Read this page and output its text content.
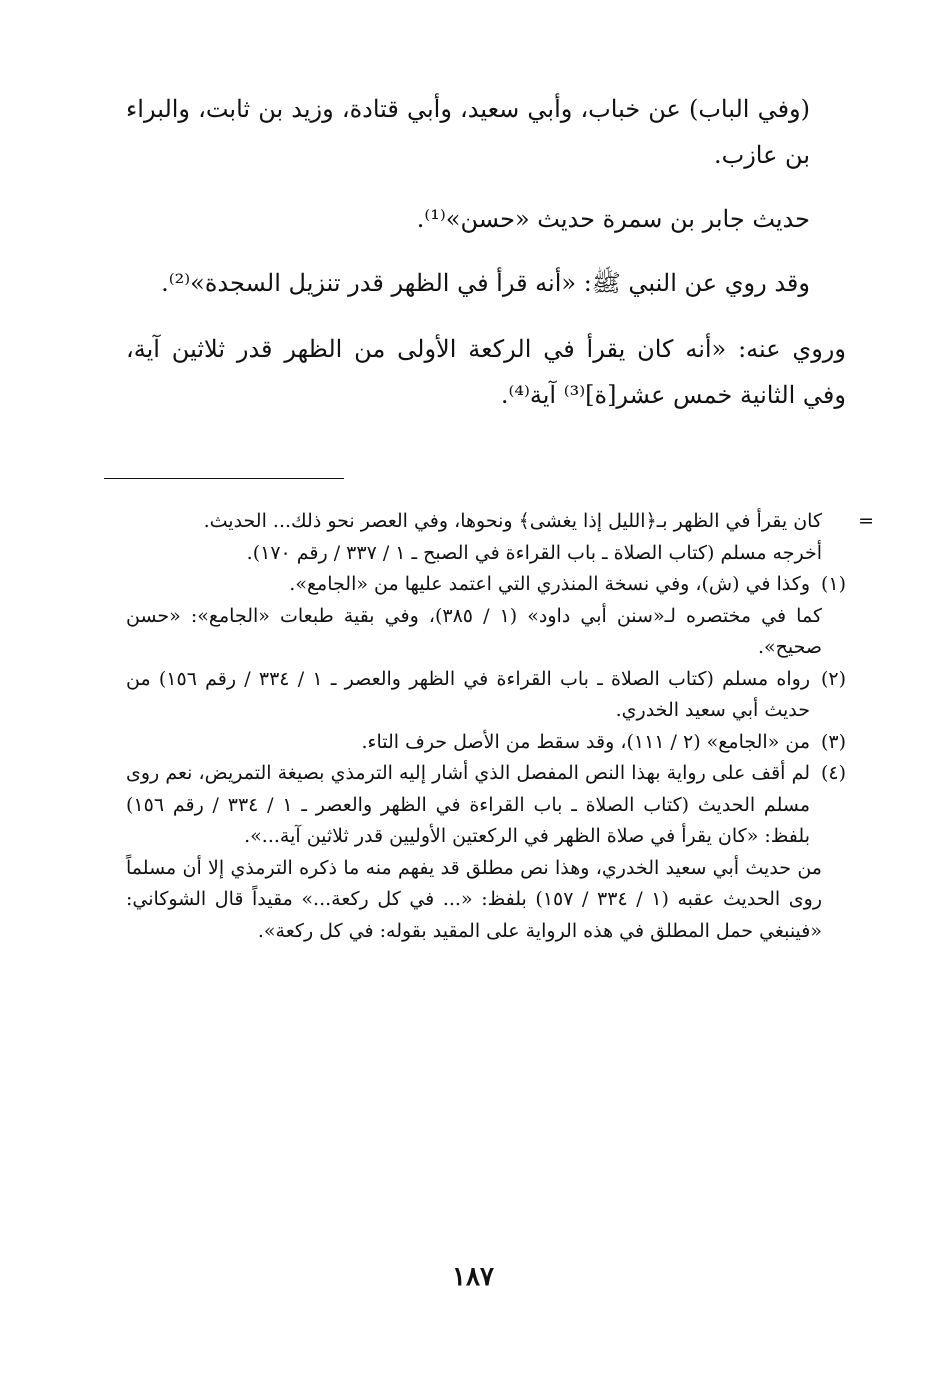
(وفي الباب) عن خباب، وأبي سعيد، وأبي قتادة، وزيد بن ثابت، والبراء بن عازب.

حديث جابر بن سمرة حديث «حسن»⁽¹⁾.

وقد روي عن النبي ﷺ: «أنه قرأ في الظهر قدر تنزيل السجدة»⁽²⁾.

وروي عنه: «أنه كان يقرأ في الركعة الأولى من الظهر قدر ثلاثين آية، وفي الثانية خمس عشر[ة]⁽³⁾ آية⁽⁴⁾.

=
كان يقرأ في الظهر بـ﴿الليل إذا يغشى﴾ ونحوها، وفي العصر نحو ذلك... الحديث.

أخرجه مسلم (كتاب الصلاة ـ باب القراءة في الصبح ـ ١ / ٣٣٧ / رقم ١٧٠).

(١)
وكذا في (ش)، وفي نسخة المنذري التي اعتمد عليها من «الجامع».

كما في مختصره لـ«سنن أبي داود» (١ / ٣٨٥)، وفي بقية طبعات «الجامع»: «حسن صحيح».

(٢)
رواه مسلم (كتاب الصلاة ـ باب القراءة في الظهر والعصر ـ ١ / ٣٣٤ / رقم ١٥٦) من حديث أبي سعيد الخدري.

(٣)
من «الجامع» (٢ / ١١١)، وقد سقط من الأصل حرف التاء.

(٤)
لم أقف على رواية بهذا النص المفصل الذي أشار إليه الترمذي بصيغة التمريض، نعم روى مسلم الحديث (كتاب الصلاة ـ باب القراءة في الظهر والعصر ـ ١ / ٣٣٤ / رقم ١٥٦) بلفظ: «كان يقرأ في صلاة الظهر في الركعتين الأوليين قدر ثلاثين آية...».

من حديث أبي سعيد الخدري، وهذا نص مطلق قد يفهم منه ما ذكره الترمذي إلا أن مسلماً روى الحديث عقبه (١ / ٣٣٤ / ١٥٧) بلفظ: «... في كل ركعة...» مقيداً قال الشوكاني: «فينبغي حمل المطلق في هذه الرواية على المقيد بقوله: في كل ركعة».

١٨٧
